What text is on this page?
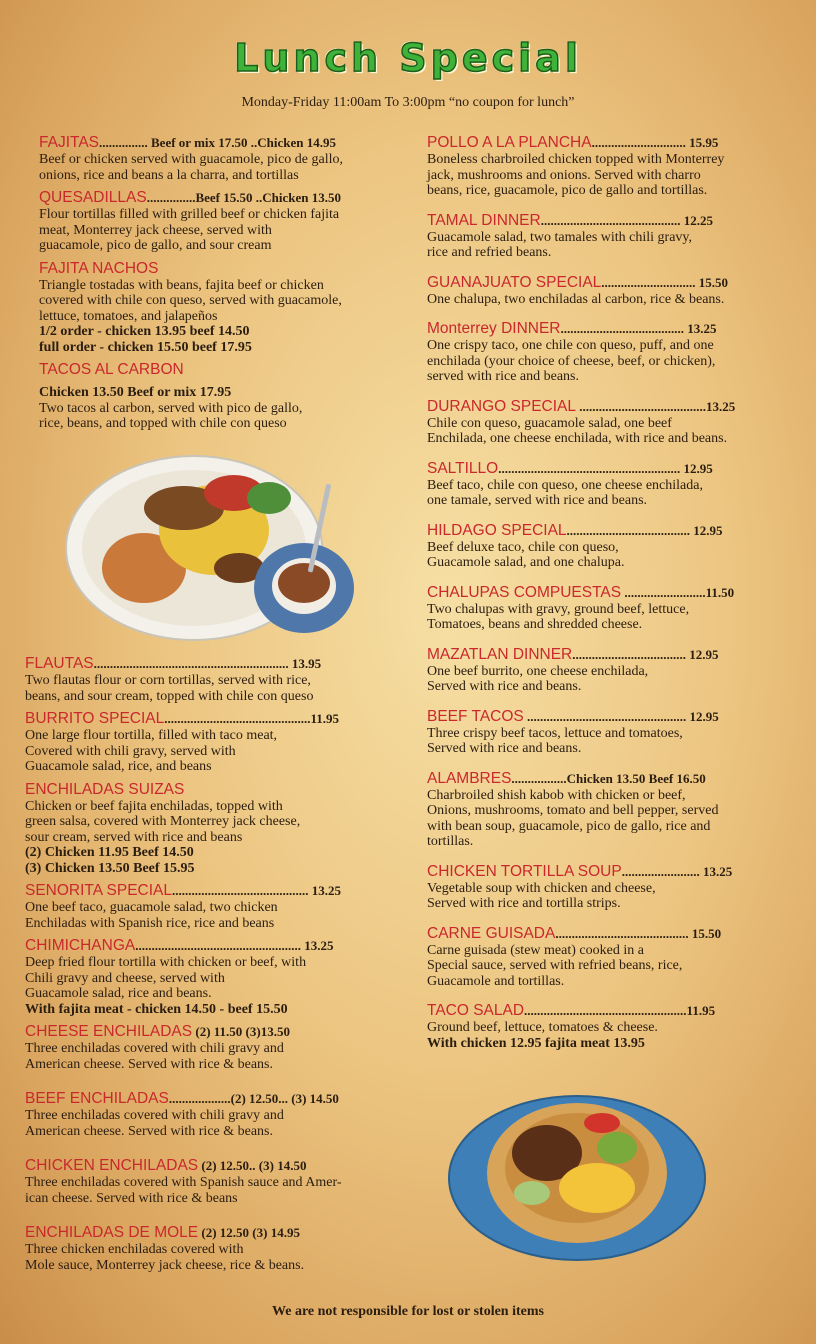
Lunch Special
Monday-Friday 11:00am To 3:00pm “no coupon for lunch”
FAJITAS............... Beef or mix 17.50 ..Chicken 14.95
Beef or chicken served with guacamole, pico de gallo,
onions, rice and beans a la charra, and tortillas
QUESADILLAS...............Beef 15.50 ..Chicken 13.50
Flour tortillas filled with grilled beef or chicken fajita
meat, Monterrey jack cheese, served with
guacamole, pico de gallo, and sour cream
FAJITA NACHOS
Triangle tostadas with beans, fajita beef or chicken
covered with chile con queso, served with guacamole,
lettuce, tomatoes, and jalapeños
1/2 order - chicken 13.95 beef 14.50
full order - chicken 15.50 beef 17.95
TACOS AL CARBON
Chicken 13.50 Beef or mix 17.95
Two tacos al carbon, served with pico de gallo,
rice, beans, and topped with chile con queso
FLAUTAS............................................................ 13.95
Two flautas flour or corn tortillas, served with rice,
beans, and sour cream, topped with chile con queso
BURRITO SPECIAL.............................................11.95
One large flour tortilla, filled with taco meat,
Covered with chili gravy, served with
Guacamole salad, rice, and beans
ENCHILADAS SUIZAS
Chicken or beef fajita enchiladas, topped with
green salsa, covered with Monterrey jack cheese,
sour cream, served with rice and beans
(2) Chicken 11.95 Beef 14.50
(3) Chicken 13.50 Beef 15.95
SENORITA SPECIAL.......................................... 13.25
One beef taco, guacamole salad, two chicken
Enchiladas with Spanish rice, rice and beans
CHIMICHANGA................................................... 13.25
Deep fried flour tortilla with chicken or beef, with
Chili gravy and cheese, served with
Guacamole salad, rice and beans.
With fajita meat - chicken 14.50 - beef 15.50
CHEESE ENCHILADAS (2) 11.50 (3)13.50
Three enchiladas covered with chili gravy and
American cheese. Served with rice & beans.
BEEF ENCHILADAS...................(2) 12.50... (3) 14.50
Three enchiladas covered with chili gravy and
American cheese. Served with rice & beans.
CHICKEN ENCHILADAS (2) 12.50.. (3) 14.50
Three enchiladas covered with Spanish sauce and Amer-
ican cheese. Served with rice & beans
ENCHILADAS DE MOLE (2) 12.50 (3) 14.95
Three chicken enchiladas covered with
Mole sauce, Monterrey jack cheese, rice & beans.
POLLO A LA PLANCHA............................. 15.95
Boneless charbroiled chicken topped with Monterrey
jack, mushrooms and onions. Served with charro
beans, rice, guacamole, pico de gallo and tortillas.
TAMAL DINNER........................................... 12.25
Guacamole salad, two tamales with chili gravy,
rice and refried beans.
GUANAJUATO SPECIAL............................. 15.50
One chalupa, two enchiladas al carbon, rice & beans.
Monterrey DINNER...................................... 13.25
One crispy taco, one chile con queso, puff, and one
enchilada (your choice of cheese, beef, or chicken),
served with rice and beans.
DURANGO SPECIAL .......................................13.25
Chile con queso, guacamole salad, one beef
Enchilada, one cheese enchilada, with rice and beans.
SALTILLO........................................................ 12.95
Beef taco, chile con queso, one cheese enchilada,
one tamale, served with rice and beans.
HILDAGO SPECIAL...................................... 12.95
Beef deluxe taco, chile con queso,
Guacamole salad, and one chalupa.
CHALUPAS COMPUESTAS .........................11.50
Two chalupas with gravy, ground beef, lettuce,
Tomatoes, beans and shredded cheese.
MAZATLAN DINNER................................... 12.95
One beef burrito, one cheese enchilada,
Served with rice and beans.
BEEF TACOS ................................................. 12.95
Three crispy beef tacos, lettuce and tomatoes,
Served with rice and beans.
ALAMBRES.................Chicken 13.50 Beef 16.50
Charbroiled shish kabob with chicken or beef,
Onions, mushrooms, tomato and bell pepper, served
with bean soup, guacamole, pico de gallo, rice and
tortillas.
CHICKEN TORTILLA SOUP........................ 13.25
Vegetable soup with chicken and cheese,
Served with rice and tortilla strips.
CARNE GUISADA......................................... 15.50
Carne guisada (stew meat) cooked in a
Special sauce, served with refried beans, rice,
Guacamole and tortillas.
TACO SALAD..................................................11.95
Ground beef, lettuce, tomatoes & cheese.
With chicken 12.95 fajita meat 13.95
We are not responsible for lost or stolen items
